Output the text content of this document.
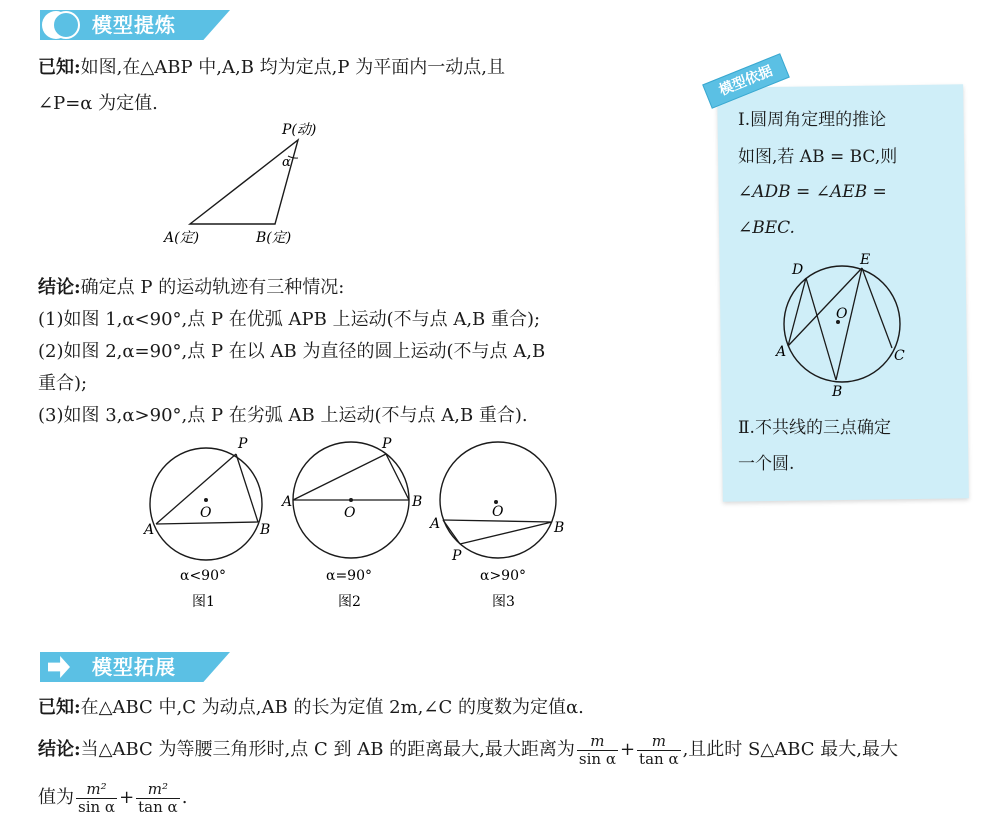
模型提炼
已知:如图,在△ABP 中,A,B 均为定点,P 为平面内一动点,且
∠P=α 为定值.
P(动)
α
A(定)	B(定)
结论:确定点 P 的运动轨迹有三种情况:
(1)如图 1,α<90°,点 P 在优弧 APB 上运动(不与点 A,B 重合);
(2)如图 2,α=90°,点 P 在以 AB 为直径的圆上运动(不与点 A,B
重合);
(3)如图 3,α>90°,点 P 在劣弧 AB 上运动(不与点 A,B 重合).
P
O
A	B
α<90°
图1
P
O
A	B
α=90°
图2
P
O
A	B
α>90°
图3
模型依据
Ⅰ.圆周角定理的推论
如图,若 AB = BC,则
∠ADB = ∠AEB =
∠BEC.
D
E
O
A
B
C
Ⅱ.不共线的三点确定
一个圆.
模型拓展
已知:在△ABC 中,C 为动点,AB 的长为定值 2m,∠C 的度数为定值α.
结论:当△ABC 为等腰三角形时,点 C 到 AB 的距离最大,最大距离为 $\frac{m}{\text{sin α}} + \frac{m}{\text{tan α}}$ ,且此时 S△ABC 最大,最大
值为 $\frac{\text{m²}}{\text{sin α}} + \frac{\text{m²}}{\text{tan α}}$ .
